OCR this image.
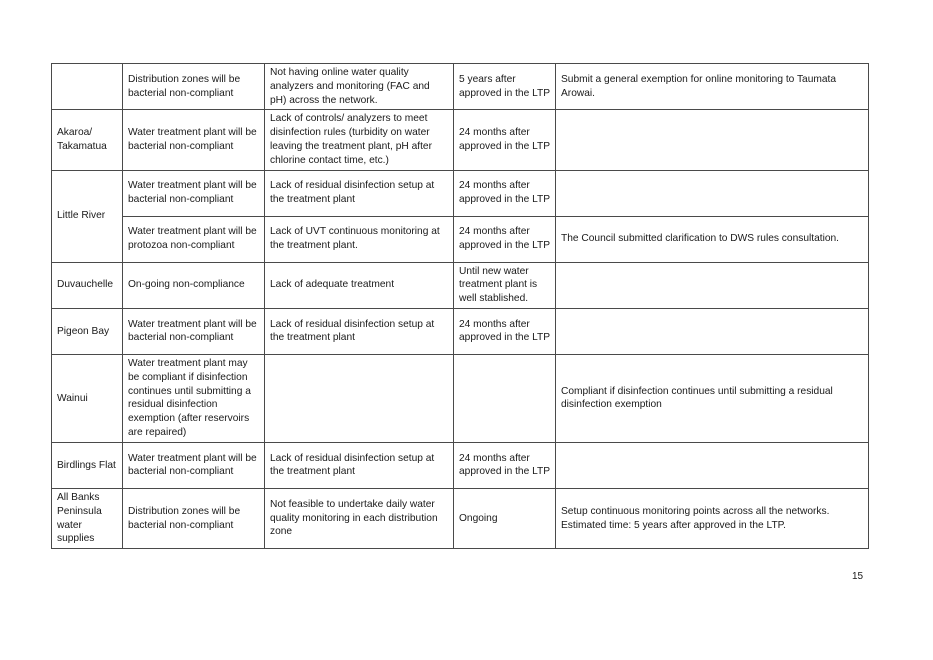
	Distribution zones will be bacterial non-compliant	Not having online water quality analyzers and monitoring (FAC and pH) across the network.	5 years after approved in the LTP	Submit a general exemption for online monitoring to Taumata Arowai.
Akaroa/ Takamatua	Water treatment plant will be bacterial non-compliant	Lack of controls/ analyzers to meet disinfection rules (turbidity on water leaving the treatment plant, pH after chlorine contact time, etc.)	24 months after approved in the LTP	
Little River	Water treatment plant will be bacterial non-compliant	Lack of residual disinfection setup at the treatment plant	24 months after approved in the LTP	
	Water treatment plant will be protozoa non-compliant	Lack of UVT continuous monitoring at the treatment plant.	24 months after approved in the LTP	The Council submitted clarification to DWS rules consultation.
Duvauchelle	On-going non-compliance	Lack of adequate treatment	Until new water treatment plant is well stablished.	
Pigeon Bay	Water treatment plant will be bacterial non-compliant	Lack of residual disinfection setup at the treatment plant	24 months after approved in the LTP	
Wainui	Water treatment plant may be compliant if disinfection continues until submitting a residual disinfection exemption (after reservoirs are repaired)			Compliant if disinfection continues until submitting a residual disinfection exemption
Birdlings Flat	Water treatment plant will be bacterial non-compliant	Lack of residual disinfection setup at the treatment plant	24 months after approved in the LTP	
All Banks Peninsula water supplies	Distribution zones will be bacterial non-compliant	Not feasible to undertake daily water quality monitoring in each distribution zone	Ongoing	Setup continuous monitoring points across all the networks. Estimated time: 5 years after approved in the LTP.
15
